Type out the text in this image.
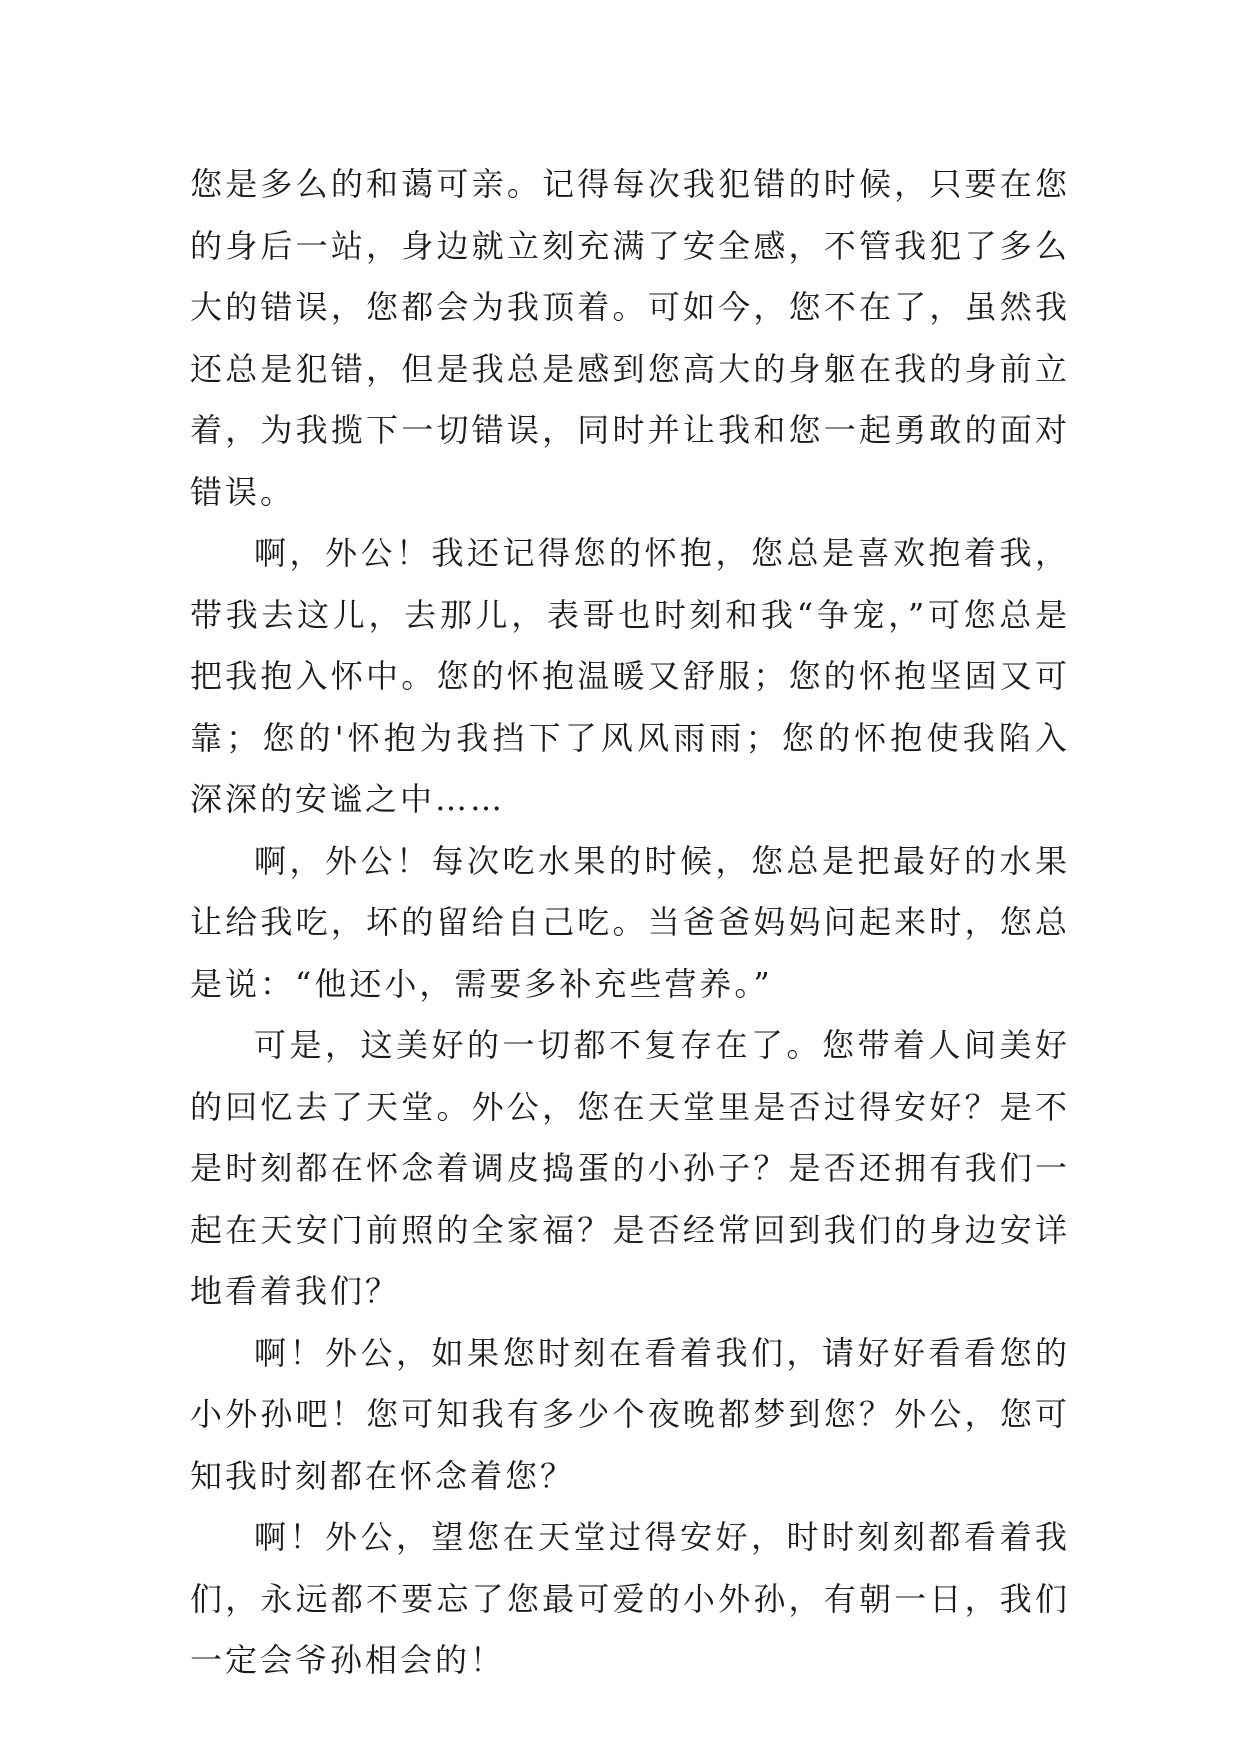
您是多么的和蔼可亲。记得每次我犯错的时候，只要在您的身后一站，身边就立刻充满了安全感，不管我犯了多么大的错误，您都会为我顶着。可如今，您不在了，虽然我还总是犯错，但是我总是感到您高大的身躯在我的身前立着，为我揽下一切错误，同时并让我和您一起勇敢的面对错误。

啊，外公！我还记得您的怀抱，您总是喜欢抱着我，带我去这儿，去那儿，表哥也时刻和我“争宠，”可您总是把我抱入怀中。您的怀抱温暖又舒服；您的怀抱坚固又可靠；您的'怀抱为我挡下了风风雨雨；您的怀抱使我陷入深深的安谧之中……

啊，外公！每次吃水果的时候，您总是把最好的水果让给我吃，坏的留给自己吃。当爸爸妈妈问起来时，您总是说：“他还小，需要多补充些营养。”

可是，这美好的一切都不复存在了。您带着人间美好的回忆去了天堂。外公，您在天堂里是否过得安好？是不是时刻都在怀念着调皮捣蛋的小孙子？是否还拥有我们一起在天安门前照的全家福？是否经常回到我们的身边安详地看着我们？

啊！外公，如果您时刻在看着我们，请好好看看您的小外孙吧！您可知我有多少个夜晚都梦到您？外公，您可知我时刻都在怀念着您？

啊！外公，望您在天堂过得安好，时时刻刻都看着我们，永远都不要忘了您最可爱的小外孙，有朝一日，我们一定会爷孙相会的！
